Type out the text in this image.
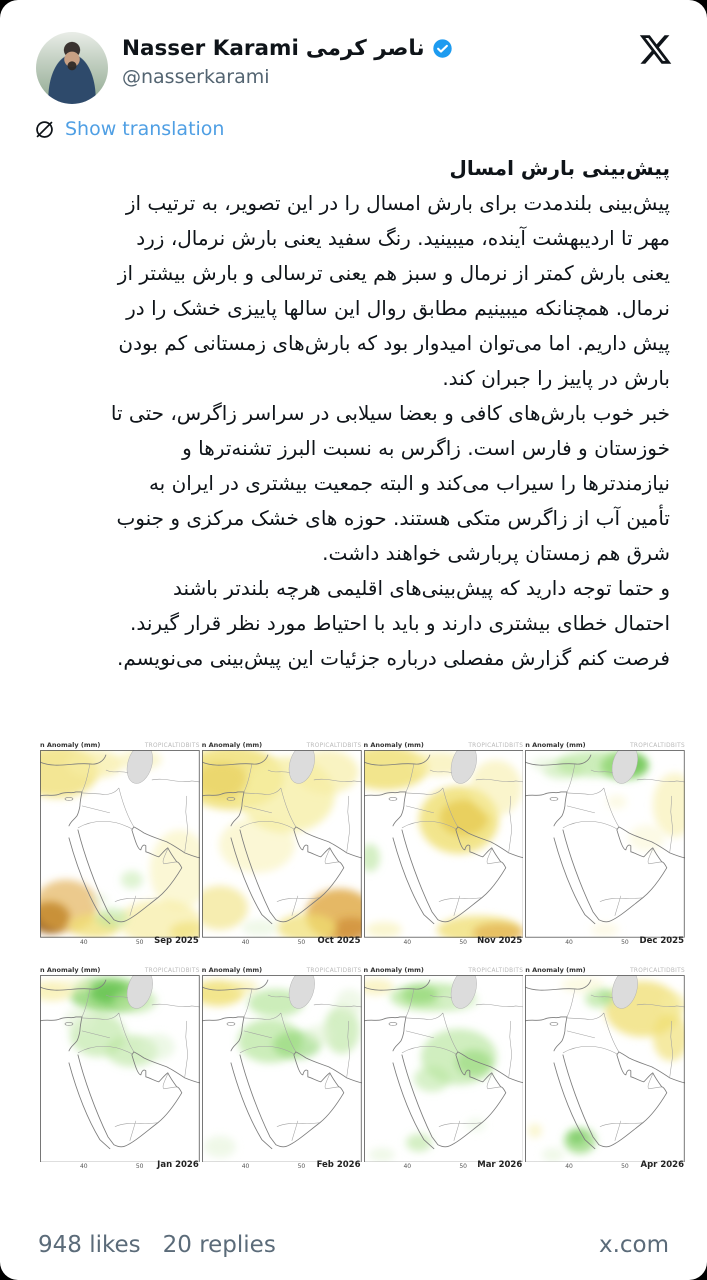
Nasser Karami ناصر کرمی
@nasserkarami
Show translation
پیش‌بینی بارش امسال
پیش‌بینی بلندمدت برای بارش امسال را در این تصویر، به ترتیب از
مهر تا اردیبهشت آینده، میبینید. رنگ سفید یعنی بارش نرمال، زرد
یعنی بارش کمتر از نرمال و سبز هم یعنی ترسالی و بارش بیشتر از
نرمال. همچنانکه میبینیم مطابق روال این سالها پاییزی خشک را در
پیش داریم. اما می‌توان امیدوار بود که بارش‌های زمستانی کم بودن
بارش در پاییز را جبران کند.
خبر خوب بارش‌های کافی و بعضا سیلابی در سراسر زاگرس، حتی تا
خوزستان و فارس است. زاگرس به نسبت البرز تشنه‌ترها و
نیازمندترها را سیراب می‌کند و البته جمعیت بیشتری در ایران به
تأمین آب از زاگرس متکی هستند. حوزه های خشک مرکزی و جنوب
شرق هم زمستان پربارشی خواهند داشت.
و حتما توجه دارید که پیش‌بینی‌های اقلیمی هرچه بلندتر باشند
احتمال خطای بیشتری دارند و باید با احتیاط مورد نظر قرار گیرند.
فرصت کنم گزارش مفصلی درباره جزئیات این پیش‌بینی می‌نویسم.
n Anomaly (mm)	TROPICALTIDBITS
40	50 Sep 2025
n Anomaly (mm)	TROPICALTIDBITS
40	50 Oct 2025
n Anomaly (mm)	TROPICALTIDBITS
40	50 Nov 2025
n Anomaly (mm)	TROPICALTIDBITS
40	50 Dec 2025
n Anomaly (mm)	TROPICALTIDBITS
40	50 Jan 2026
n Anomaly (mm)	TROPICALTIDBITS
40	50 Feb 2026
n Anomaly (mm)	TROPICALTIDBITS
40	50 Mar 2026
n Anomaly (mm)	TROPICALTIDBITS
40	50 Apr 2026
948 likes 20 replies	x.com
